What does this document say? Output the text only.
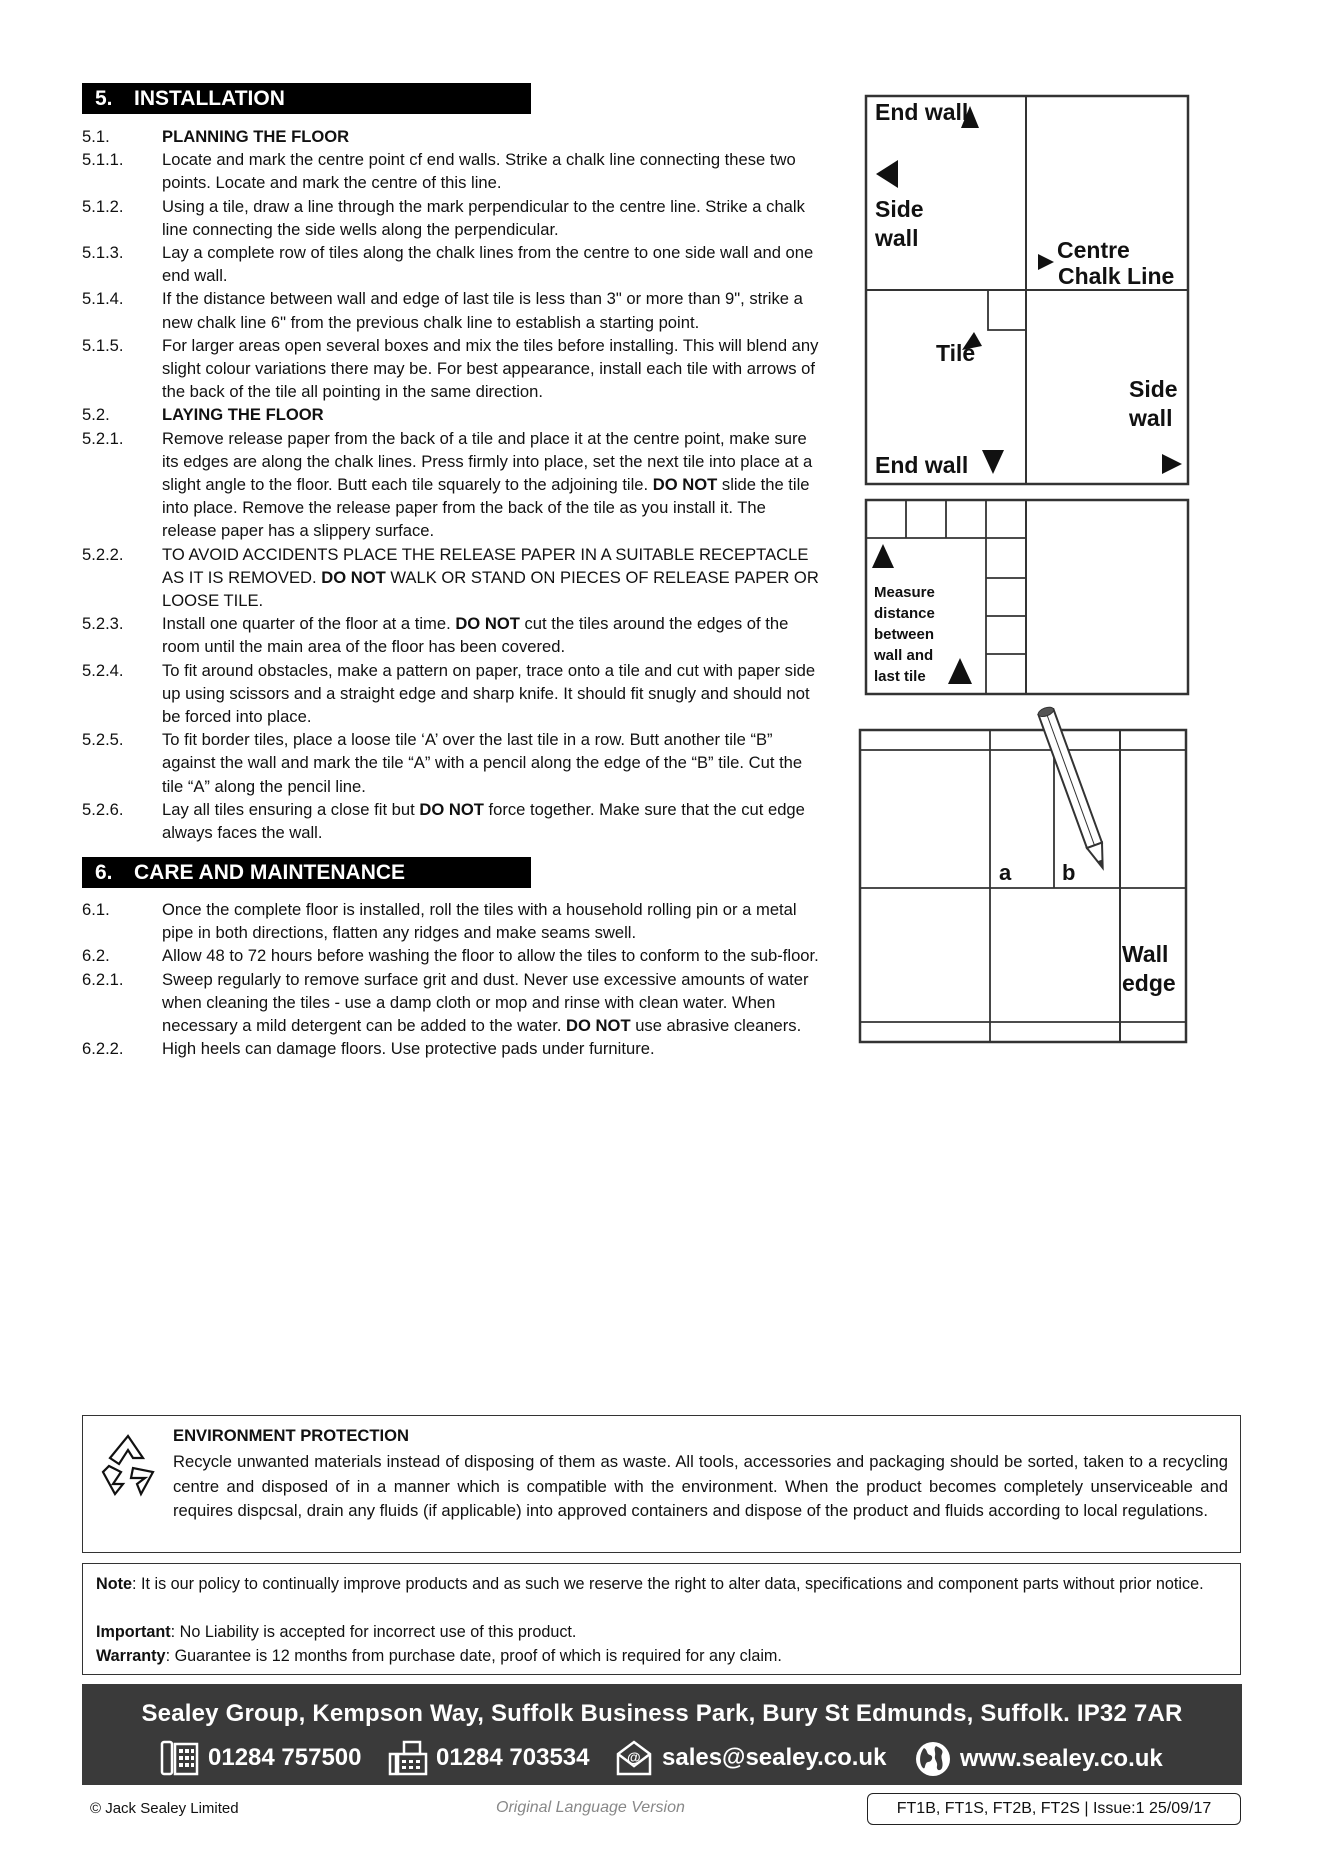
5. INSTALLATION
5.1.	PLANNING THE FLOOR
5.1.1. Locate and mark the centre point cf end walls. Strike a chalk line connecting these two points. Locate and mark the centre of this line.
5.1.2. Using a tile, draw a line through the mark perpendicular to the centre line. Strike a chalk line connecting the side wells along the perpendicular.
5.1.3. Lay a complete row of tiles along the chalk lines from the centre to one side wall and one end wall.
5.1.4. If the distance between wall and edge of last tile is less than 3" or more than 9", strike a new chalk line 6" from the previous chalk line to establish a starting point.
5.1.5. For larger areas open several boxes and mix the tiles before installing. This will blend any slight colour variations there may be. For best appearance, install each tile with arrows of the back of the tile all pointing in the same direction.
5.2.	LAYING THE FLOOR
5.2.1. Remove release paper from the back of a tile and place it at the centre point, make sure its edges are along the chalk lines. Press firmly into place, set the next tile into place at a slight angle to the floor. Butt each tile squarely to the adjoining tile. DO NOT slide the tile into place. Remove the release paper from the back of the tile as you install it. The release paper has a slippery surface.
5.2.2. TO AVOID ACCIDENTS PLACE THE RELEASE PAPER IN A SUITABLE RECEPTACLE AS IT IS REMOVED. DO NOT WALK OR STAND ON PIECES OF RELEASE PAPER OR LOOSE TILE.
5.2.3. Install one quarter of the floor at a time. DO NOT cut the tiles around the edges of the room until the main area of the floor has been covered.
5.2.4. To fit around obstacles, make a pattern on paper, trace onto a tile and cut with paper side up using scissors and a straight edge and sharp knife. It should fit snugly and should not be forced into place.
5.2.5. To fit border tiles, place a loose tile ‘A’ over the last tile in a row. Butt another tile “B” against the wall and mark the tile “A” with a pencil along the edge of the “B” tile. Cut the tile “A” along the pencil line.
5.2.6. Lay all tiles ensuring a close fit but DO NOT force together. Make sure that the cut edge always faces the wall.
6. CARE AND MAINTENANCE
6.1.	Once the complete floor is installed, roll the tiles with a household rolling pin or a metal pipe in both directions, flatten any ridges and make seams swell.
6.2.	Allow 48 to 72 hours before washing the floor to allow the tiles to conform to the sub-floor.
6.2.1. Sweep regularly to remove surface grit and dust. Never use excessive amounts of water when cleaning the tiles - use a damp cloth or mop and rinse with clean water. When necessary a mild detergent can be added to the water. DO NOT use abrasive cleaners.
6.2.2. High heels can damage floors. Use protective pads under furniture.
End wall
Side
wall	Centre
Chalk Line
Tile
Side
wall
End wall
Measure
distance
between
wall and
last tile
a b
Wall
edge
ENVIRONMENT PROTECTION
Recycle unwanted materials instead of disposing of them as waste. All tools, accessories and packaging should be sorted, taken to a recycling centre and disposed of in a manner which is compatible with the environment. When the product becomes completely unserviceable and requires dispcsal, drain any fluids (if applicable) into approved containers and dispose of the product and fluids according to local regulations.

Note: It is our policy to continually improve products and as such we reserve the right to alter data, specifications and component parts without prior notice.

Important: No Liability is accepted for incorrect use of this product.

Warranty: Guarantee is 12 months from purchase date, proof of which is required for any claim.

Sealey Group, Kempson Way, Suffolk Business Park, Bury St Edmunds, Suffolk. IP32 7AR
01284 757500	01284 703534	@ sales@sealey.co.uk	www.sealey.co.uk
© Jack Sealey Limited	Original Language Version	FT1B, FT1S, FT2B, FT2S | Issue:1 25/09/17
